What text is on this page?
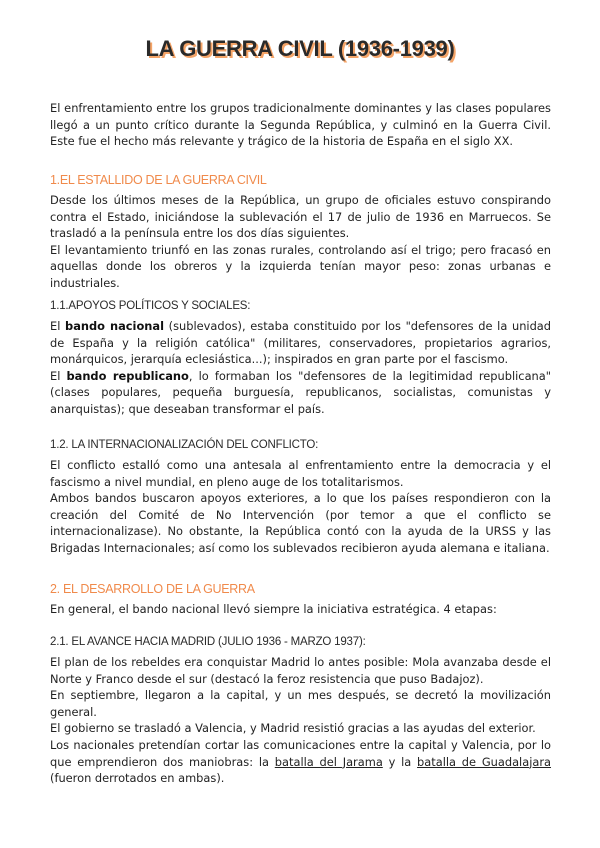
LA GUERRA CIVIL (1936-1939)

El enfrentamiento entre los grupos tradicionalmente dominantes y las clases populares llegó a un punto crítico durante la Segunda República, y culminó en la Guerra Civil. Este fue el hecho más relevante y trágico de la historia de España en el siglo XX.

1.EL ESTALLIDO DE LA GUERRA CIVIL

Desde los últimos meses de la República, un grupo de oficiales estuvo conspirando contra el Estado, iniciándose la sublevación el 17 de julio de 1936 en Marruecos. Se trasladó a la península entre los dos días siguientes.

El levantamiento triunfó en las zonas rurales, controlando así el trigo; pero fracasó en aquellas donde los obreros y la izquierda tenían mayor peso: zonas urbanas e industriales.

1.1.APOYOS POLÍTICOS Y SOCIALES:

El bando nacional (sublevados), estaba constituido por los "defensores de la unidad de España y la religión católica" (militares, conservadores, propietarios agrarios, monárquicos, jerarquía eclesiástica...); inspirados en gran parte por el fascismo.

El bando republicano, lo formaban los "defensores de la legitimidad republicana" (clases populares, pequeña burguesía, republicanos, socialistas, comunistas y anarquistas); que deseaban transformar el país.

1.2. LA INTERNACIONALIZACIÓN DEL CONFLICTO:

El conflicto estalló como una antesala al enfrentamiento entre la democracia y el fascismo a nivel mundial, en pleno auge de los totalitarismos.

Ambos bandos buscaron apoyos exteriores, a lo que los países respondieron con la creación del Comité de No Intervención (por temor a que el conflicto se internacionalizase). No obstante, la República contó con la ayuda de la URSS y las Brigadas Internacionales; así como los sublevados recibieron ayuda alemana e italiana.

2. EL DESARROLLO DE LA GUERRA

En general, el bando nacional llevó siempre la iniciativa estratégica. 4 etapas:

2.1. EL AVANCE HACIA MADRID (JULIO 1936 - MARZO 1937):

El plan de los rebeldes era conquistar Madrid lo antes posible: Mola avanzaba desde el Norte y Franco desde el sur (destacó la feroz resistencia que puso Badajoz).

En septiembre, llegaron a la capital, y un mes después, se decretó la movilización general.

El gobierno se trasladó a Valencia, y Madrid resistió gracias a las ayudas del exterior.

Los nacionales pretendían cortar las comunicaciones entre la capital y Valencia, por lo que emprendieron dos maniobras: la batalla del Jarama y la batalla de Guadalajara (fueron derrotados en ambas).
